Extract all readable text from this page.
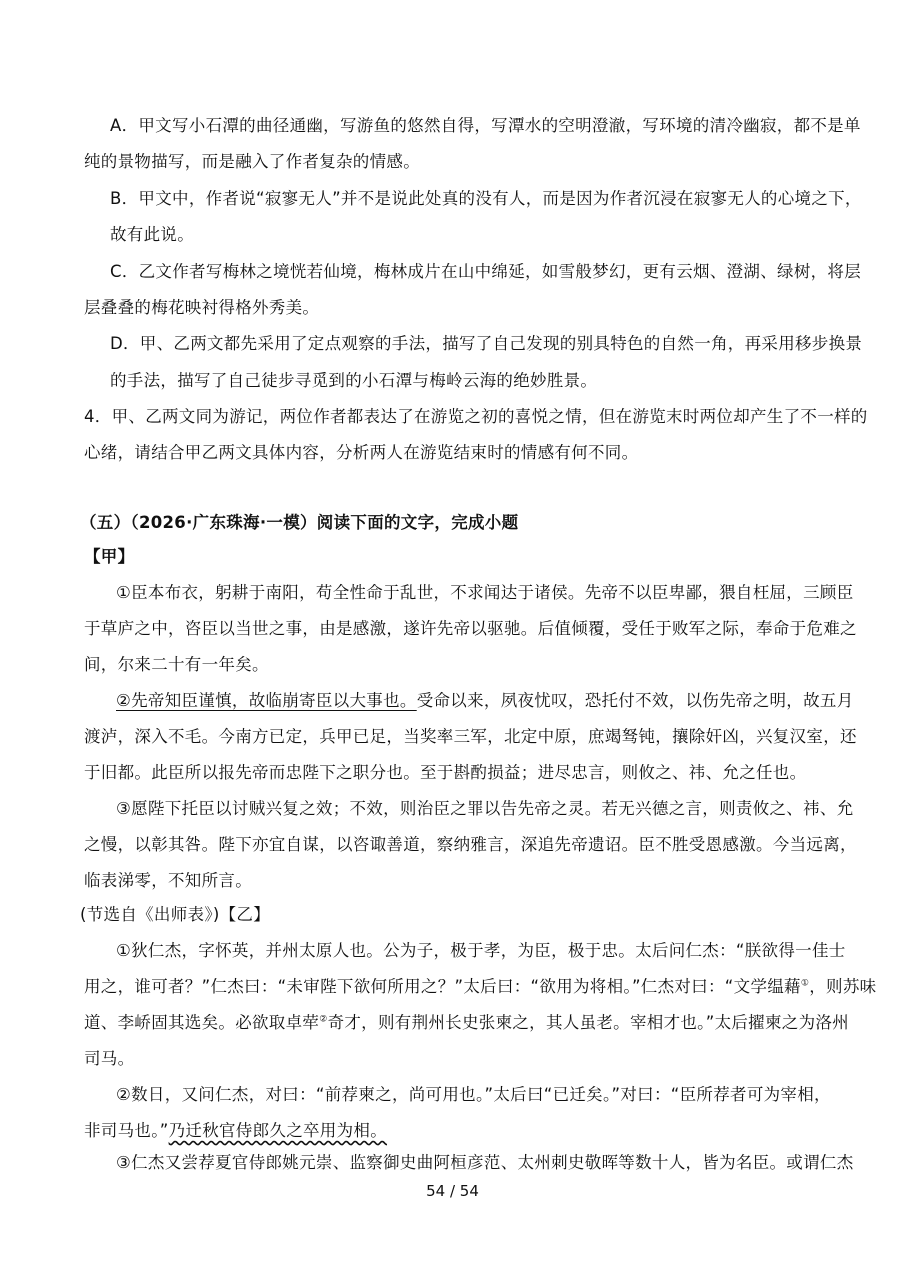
A．甲文写小石潭的曲径通幽，写游鱼的悠然自得，写潭水的空明澄澈，写环境的清冷幽寂，都不是单
纯的景物描写，而是融入了作者复杂的情感。
B．甲文中，作者说“寂寥无人”并不是说此处真的没有人，而是因为作者沉浸在寂寥无人的心境之下，
故有此说。
C．乙文作者写梅林之境恍若仙境，梅林成片在山中绵延，如雪般梦幻，更有云烟、澄湖、绿树，将层
层叠叠的梅花映衬得格外秀美。
D．甲、乙两文都先采用了定点观察的手法，描写了自己发现的别具特色的自然一角，再采用移步换景
的手法，描写了自己徒步寻觅到的小石潭与梅岭云海的绝妙胜景。
4．甲、乙两文同为游记，两位作者都表达了在游览之初的喜悦之情，但在游览末时两位却产生了不一样的
心绪，请结合甲乙两文具体内容，分析两人在游览结束时的情感有何不同。
（五）（2026·广东珠海·一模）阅读下面的文字，完成小题
【甲】
①臣本布衣，躬耕于南阳，苟全性命于乱世，不求闻达于诸侯。先帝不以臣卑鄙，猥自枉屈，三顾臣
于草庐之中，咨臣以当世之事，由是感激，遂许先帝以驱驰。后值倾覆，受任于败军之际，奉命于危难之
间，尔来二十有一年矣。
②先帝知臣谨慎，故临崩寄臣以大事也。受命以来，夙夜忧叹，恐托付不效，以伤先帝之明，故五月
渡泸，深入不毛。今南方已定，兵甲已足，当奖率三军，北定中原，庶竭驽钝，攘除奸凶，兴复汉室，还
于旧都。此臣所以报先帝而忠陛下之职分也。至于斟酌损益；进尽忠言，则攸之、祎、允之任也。
③愿陛下托臣以讨贼兴复之效；不效，则治臣之罪以告先帝之灵。若无兴德之言，则责攸之、祎、允
之慢，以彰其咎。陛下亦宜自谋，以咨诹善道，察纳雅言，深追先帝遗诏。臣不胜受恩感激。今当远离，
临表涕零，不知所言。
(节选自《出师表》)【乙】
①狄仁杰，字怀英，并州太原人也。公为子，极于孝，为臣，极于忠。太后问仁杰：“朕欲得一佳士
用之，谁可者？”仁杰曰：“未审陛下欲何所用之？”太后曰：“欲用为将相。”仁杰对曰：“文学缊藉①，则苏味
道、李峤固其选矣。必欲取卓荦②奇才，则有荆州长史张柬之，其人虽老。宰相才也。”太后擢柬之为洛州
司马。
②数日，又问仁杰，对曰：“前荐柬之，尚可用也。”太后曰“已迁矣。”对曰：“臣所荐者可为宰相，
非司马也。”乃迁秋官侍郎久之卒用为相。
③仁杰又尝荐夏官侍郎姚元崇、监察御史曲阿桓彦范、太州刺史敬晖等数十人，皆为名臣。或谓仁杰
54 / 54
